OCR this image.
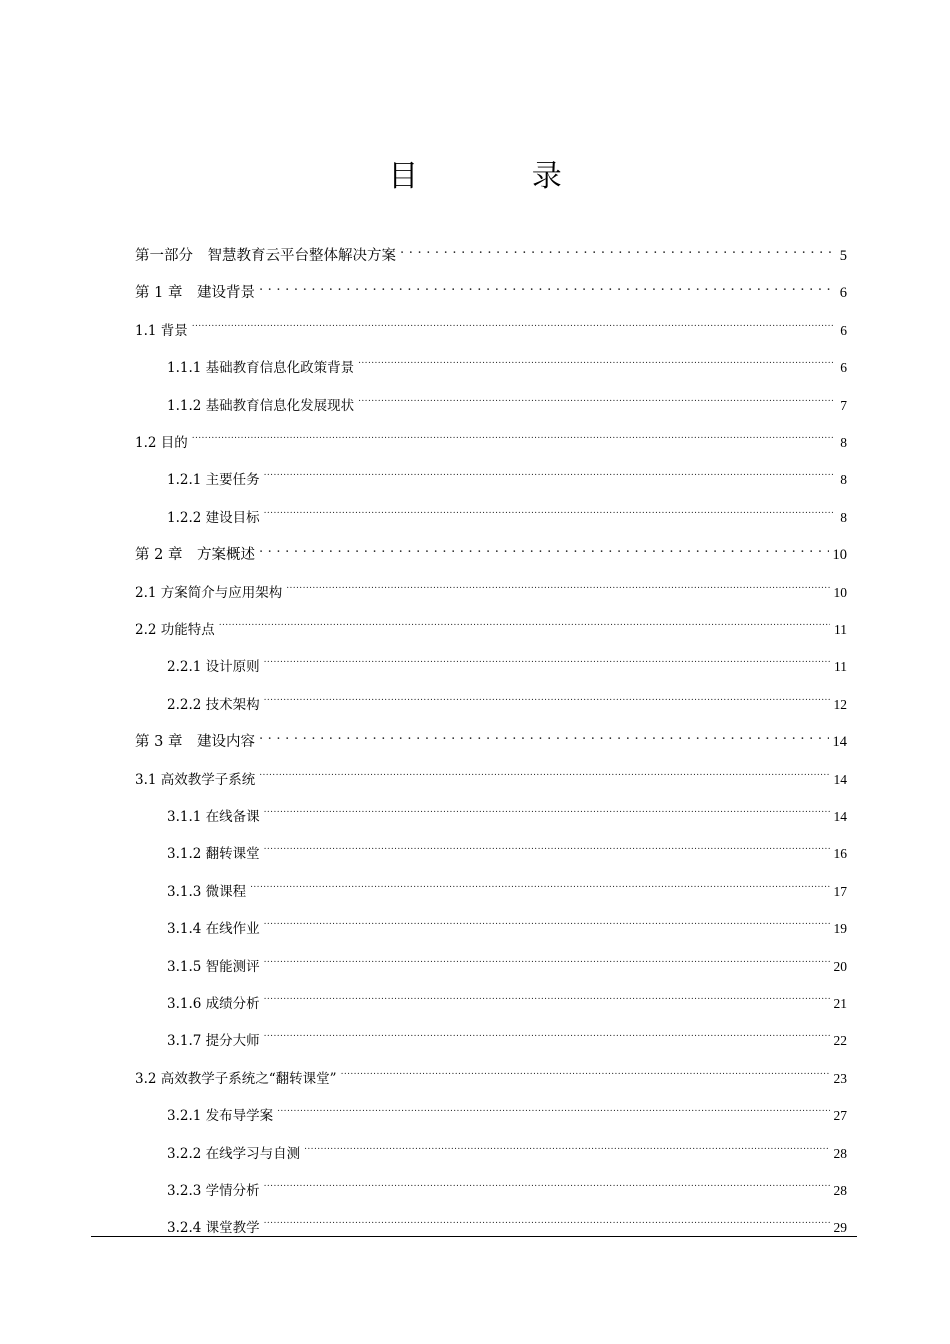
目 录
第一部分　智慧教育云平台整体解决方案 .....	5
第 1 章　建设背景 .....	6
1.1 背景 .....	6
1.1.1 基础教育信息化政策背景 .....	6
1.1.2 基础教育信息化发展现状 .....	7
1.2 目的 .....	8
1.2.1 主要任务 .....	8
1.2.2 建设目标 .....	8
第 2 章　方案概述 .....	10
2.1 方案简介与应用架构 .....	10
2.2 功能特点 .....	11
2.2.1 设计原则 .....	11
2.2.2 技术架构 .....	12
第 3 章　建设内容 .....	14
3.1 高效教学子系统 .....	14
3.1.1 在线备课 .....	14
3.1.2 翻转课堂 .....	16
3.1.3 微课程 .....	17
3.1.4 在线作业 .....	19
3.1.5 智能测评 .....	20
3.1.6 成绩分析 .....	21
3.1.7 提分大师 .....	22
3.2 高效教学子系统之“翻转课堂” .....	23
3.2.1 发布导学案 .....	27
3.2.2 在线学习与自测 .....	28
3.2.3 学情分析 .....	28
3.2.4 课堂教学 .....	29
